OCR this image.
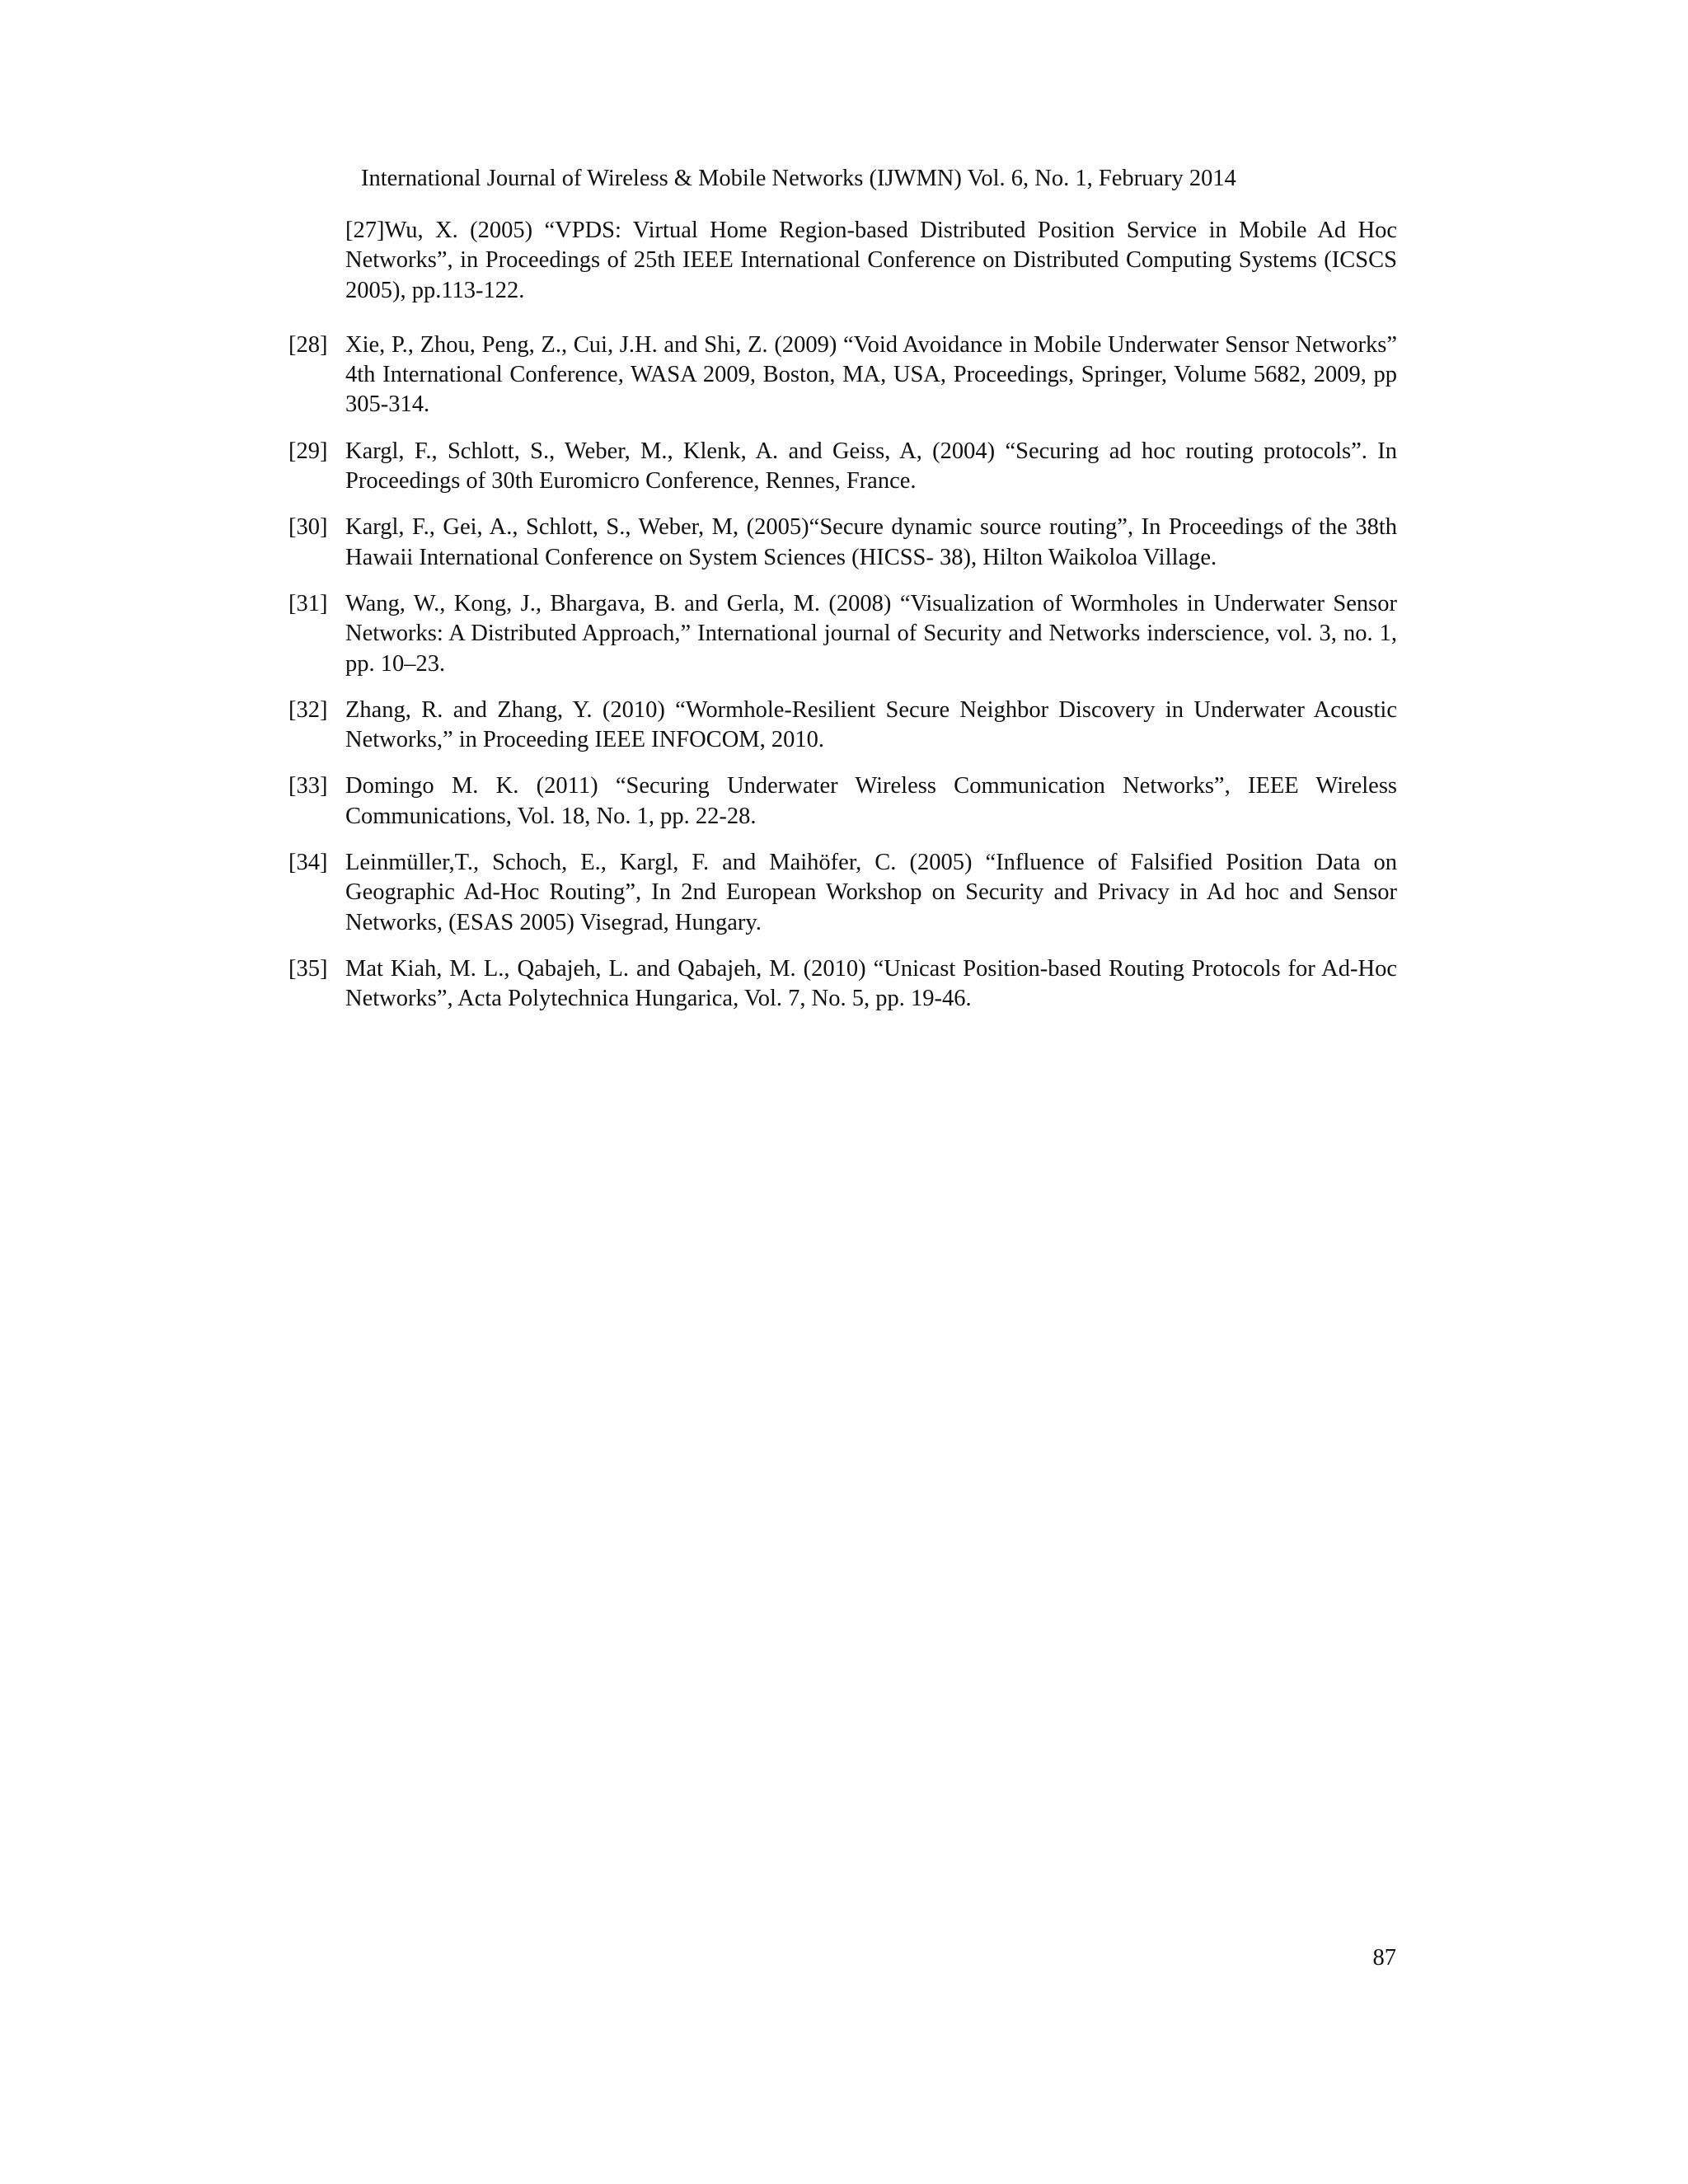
International Journal of Wireless & Mobile Networks (IJWMN) Vol. 6, No. 1, February 2014
[27]Wu, X. (2005) “VPDS: Virtual Home Region-based Distributed Position Service in Mobile Ad Hoc Networks”, in Proceedings of 25th IEEE International Conference on Distributed Computing Systems (ICSCS 2005), pp.113-122.
[28] Xie, P., Zhou, Peng, Z., Cui, J.H. and Shi, Z. (2009) “Void Avoidance in Mobile Underwater Sensor Networks” 4th International Conference, WASA 2009, Boston, MA, USA, Proceedings, Springer, Volume 5682, 2009, pp 305-314.
[29] Kargl, F., Schlott, S., Weber, M., Klenk, A. and Geiss, A, (2004) “Securing ad hoc routing protocols”. In Proceedings of 30th Euromicro Conference, Rennes, France.
[30] Kargl, F., Gei, A., Schlott, S., Weber, M, (2005)“Secure dynamic source routing”, In Proceedings of the 38th Hawaii International Conference on System Sciences (HICSS- 38), Hilton Waikoloa Village.
[31] Wang, W., Kong, J., Bhargava, B. and Gerla, M. (2008) “Visualization of Wormholes in Underwater Sensor Networks: A Distributed Approach,” International journal of Security and Networks inderscience, vol. 3, no. 1, pp. 10–23.
[32] Zhang, R. and Zhang, Y. (2010) “Wormhole-Resilient Secure Neighbor Discovery in Underwater Acoustic Networks,” in Proceeding IEEE INFOCOM, 2010.
[33] Domingo M. K. (2011) “Securing Underwater Wireless Communication Networks”, IEEE Wireless Communications, Vol. 18, No. 1, pp. 22-28.
[34] Leinmüller,T., Schoch, E., Kargl, F. and Maihöfer, C. (2005) “Influence of Falsified Position Data on Geographic Ad-Hoc Routing”, In 2nd European Workshop on Security and Privacy in Ad hoc and Sensor Networks, (ESAS 2005) Visegrad, Hungary.
[35] Mat Kiah, M. L., Qabajeh, L. and Qabajeh, M. (2010) “Unicast Position-based Routing Protocols for Ad-Hoc Networks”, Acta Polytechnica Hungarica, Vol. 7, No. 5, pp. 19-46.
87
